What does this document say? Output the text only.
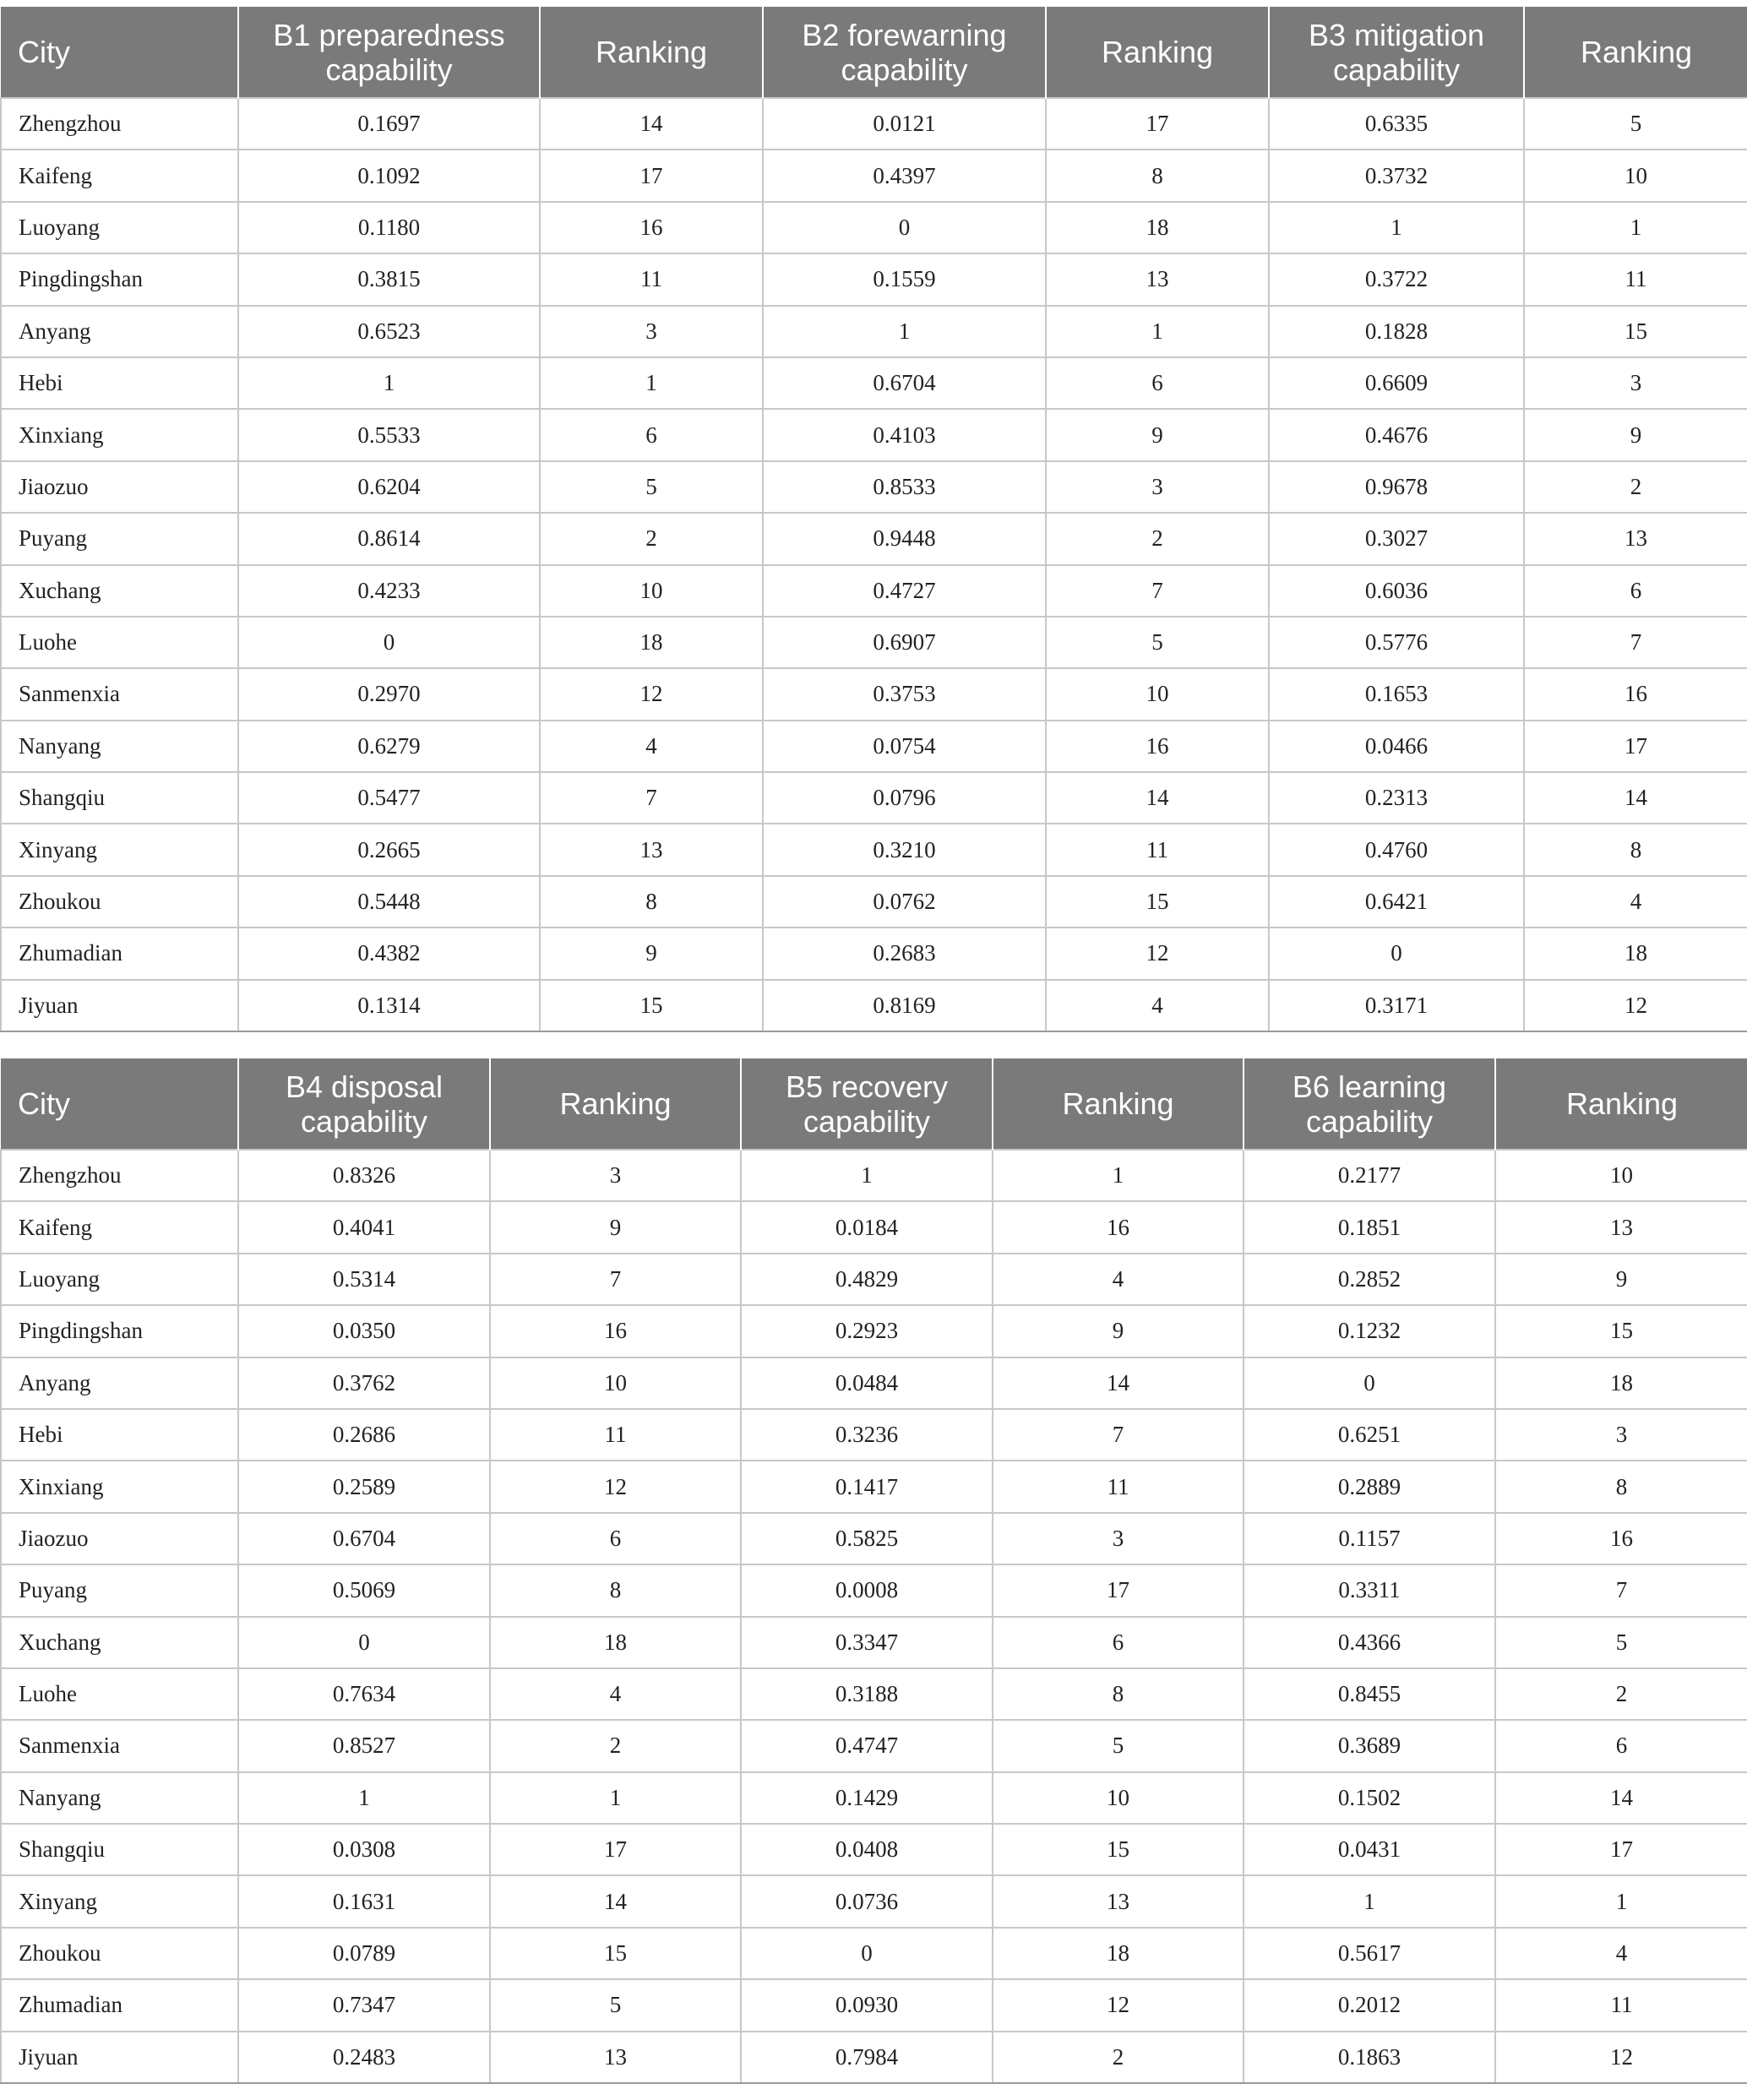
City	B1 preparedness capability	Ranking	B2 forewarning capability	Ranking	B3 mitigation capability	Ranking
Zhengzhou	0.1697	14	0.0121	17	0.6335	5
Kaifeng	0.1092	17	0.4397	8	0.3732	10
Luoyang	0.1180	16	0	18	1	1
Pingdingshan	0.3815	11	0.1559	13	0.3722	11
Anyang	0.6523	3	1	1	0.1828	15
Hebi	1	1	0.6704	6	0.6609	3
Xinxiang	0.5533	6	0.4103	9	0.4676	9
Jiaozuo	0.6204	5	0.8533	3	0.9678	2
Puyang	0.8614	2	0.9448	2	0.3027	13
Xuchang	0.4233	10	0.4727	7	0.6036	6
Luohe	0	18	0.6907	5	0.5776	7
Sanmenxia	0.2970	12	0.3753	10	0.1653	16
Nanyang	0.6279	4	0.0754	16	0.0466	17
Shangqiu	0.5477	7	0.0796	14	0.2313	14
Xinyang	0.2665	13	0.3210	11	0.4760	8
Zhoukou	0.5448	8	0.0762	15	0.6421	4
Zhumadian	0.4382	9	0.2683	12	0	18
Jiyuan	0.1314	15	0.8169	4	0.3171	12
City	B4 disposal capability	Ranking	B5 recovery capability	Ranking	B6 learning capability	Ranking
Zhengzhou	0.8326	3	1	1	0.2177	10
Kaifeng	0.4041	9	0.0184	16	0.1851	13
Luoyang	0.5314	7	0.4829	4	0.2852	9
Pingdingshan	0.0350	16	0.2923	9	0.1232	15
Anyang	0.3762	10	0.0484	14	0	18
Hebi	0.2686	11	0.3236	7	0.6251	3
Xinxiang	0.2589	12	0.1417	11	0.2889	8
Jiaozuo	0.6704	6	0.5825	3	0.1157	16
Puyang	0.5069	8	0.0008	17	0.3311	7
Xuchang	0	18	0.3347	6	0.4366	5
Luohe	0.7634	4	0.3188	8	0.8455	2
Sanmenxia	0.8527	2	0.4747	5	0.3689	6
Nanyang	1	1	0.1429	10	0.1502	14
Shangqiu	0.0308	17	0.0408	15	0.0431	17
Xinyang	0.1631	14	0.0736	13	1	1
Zhoukou	0.0789	15	0	18	0.5617	4
Zhumadian	0.7347	5	0.0930	12	0.2012	11
Jiyuan	0.2483	13	0.7984	2	0.1863	12
